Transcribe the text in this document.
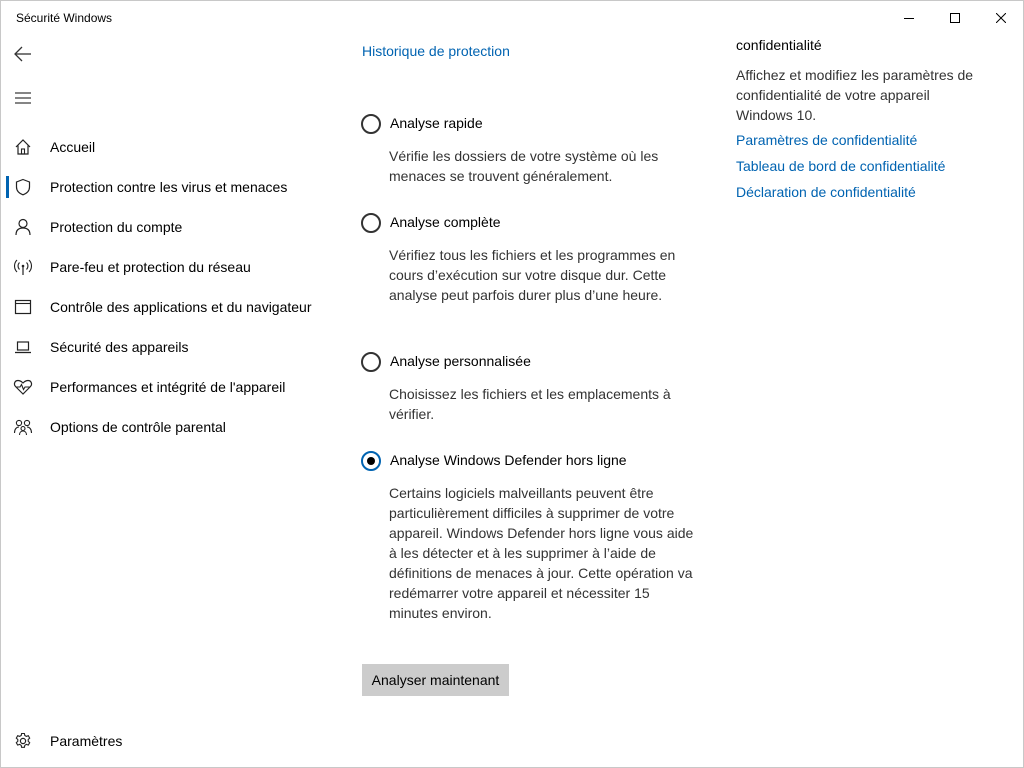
Sécurité Windows
Accueil
Protection contre les virus et menaces
Protection du compte
Pare-feu et protection du réseau
Contrôle des applications et du navigateur
Sécurité des appareils
Performances et intégrité de l'appareil
Options de contrôle parental
Paramètres
Historique de protection
Analyse rapide
Vérifie les dossiers de votre système où les menaces se trouvent généralement.
Analyse complète
Vérifiez tous les fichiers et les programmes en cours d’exécution sur votre disque dur. Cette analyse peut parfois durer plus d’une heure.
Analyse personnalisée
Choisissez les fichiers et les emplacements à vérifier.
Analyse Windows Defender hors ligne
Certains logiciels malveillants peuvent être particulièrement difficiles à supprimer de votre appareil. Windows Defender hors ligne vous aide à les détecter et à les supprimer à l’aide de définitions de menaces à jour. Cette opération va redémarrer votre appareil et nécessiter 15 minutes environ.
Analyser maintenant
confidentialité
Affichez et modifiez les paramètres de confidentialité de votre appareil Windows 10.
Paramètres de confidentialité
Tableau de bord de confidentialité
Déclaration de confidentialité
